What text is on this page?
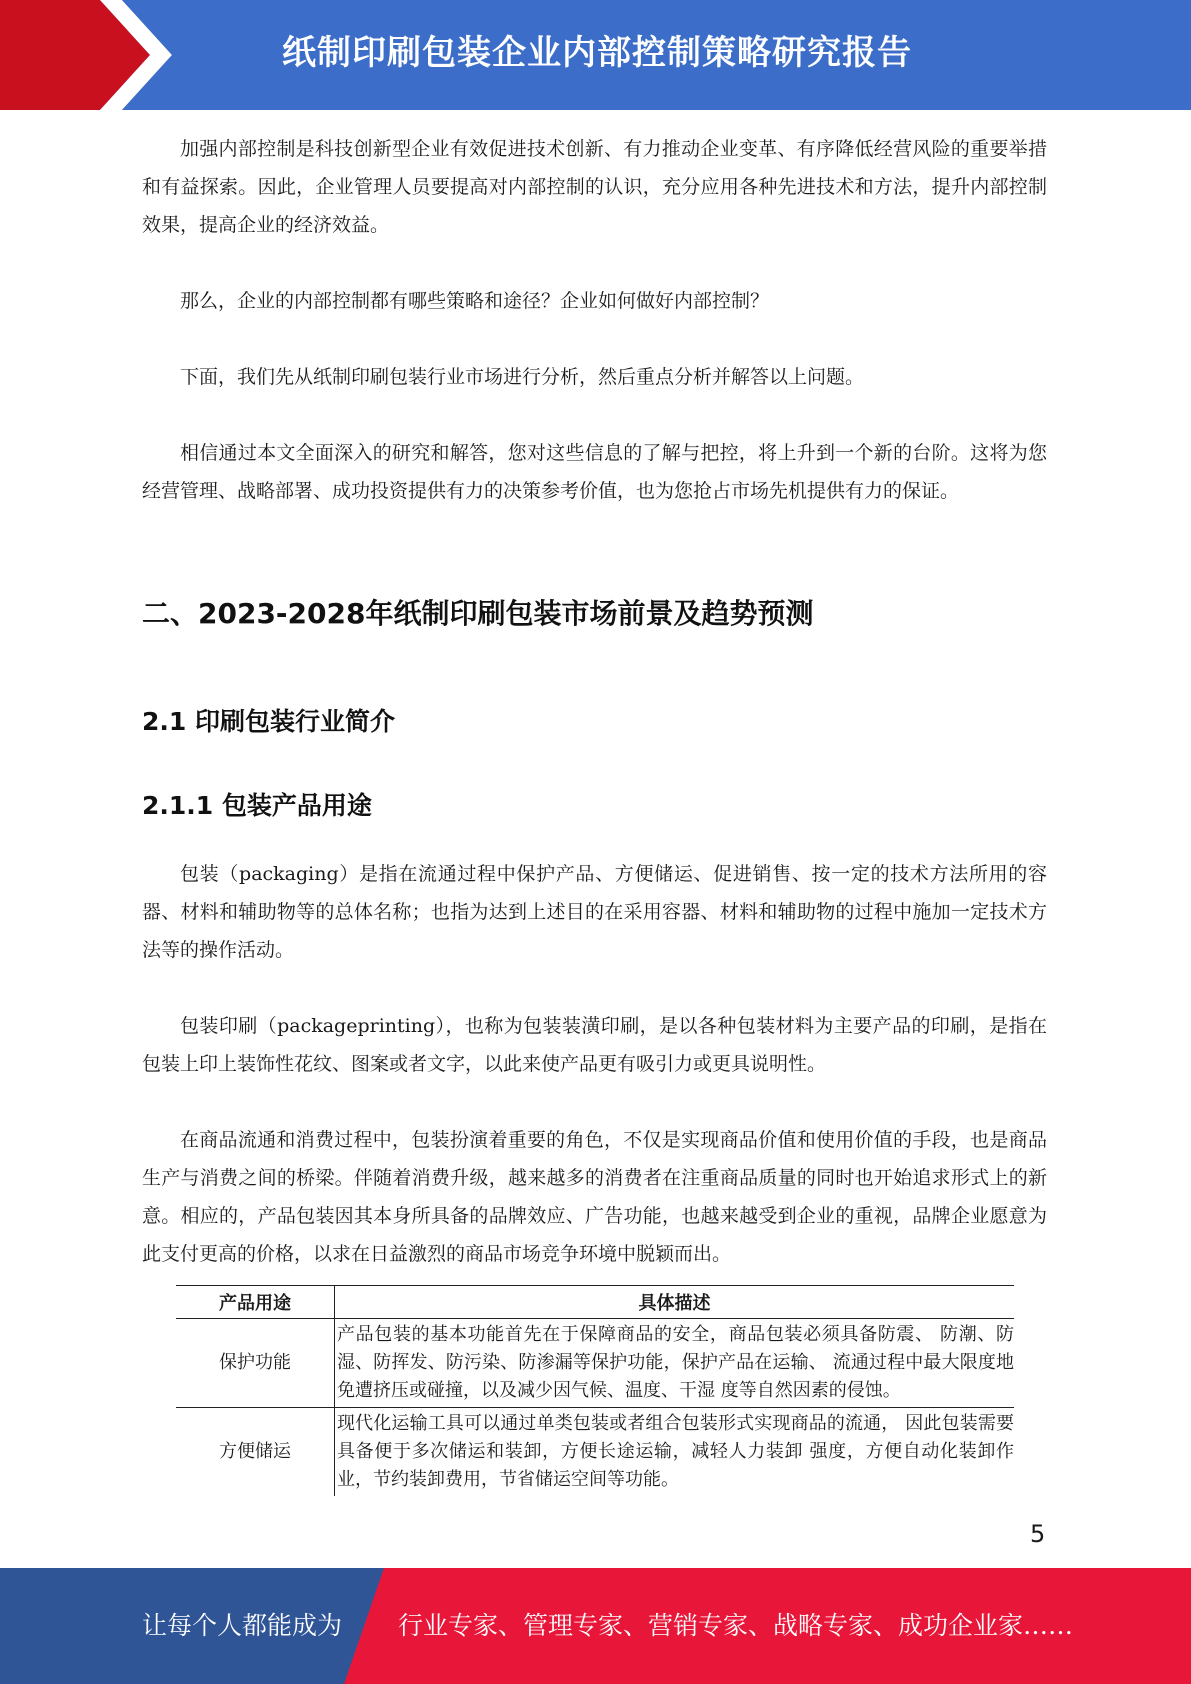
纸制印刷包装企业内部控制策略研究报告

加强内部控制是科技创新型企业有效促进技术创新、有力推动企业变革、有序降低经营风险的重要举措和有益探索。因此，企业管理人员要提高对内部控制的认识，充分应用各种先进技术和方法，提升内部控制效果，提高企业的经济效益。

那么，企业的内部控制都有哪些策略和途径？企业如何做好内部控制？

下面，我们先从纸制印刷包装行业市场进行分析，然后重点分析并解答以上问题。

相信通过本文全面深入的研究和解答，您对这些信息的了解与把控，将上升到一个新的台阶。这将为您经营管理、战略部署、成功投资提供有力的决策参考价值，也为您抢占市场先机提供有力的保证。

二、2023-2028年纸制印刷包装市场前景及趋势预测
2.1 印刷包装行业简介
2.1.1 包装产品用途

包装（packaging）是指在流通过程中保护产品、方便储运、促进销售、按一定的技术方法所用的容器、材料和辅助物等的总体名称；也指为达到上述目的在采用容器、材料和辅助物的过程中施加一定技术方法等的操作活动。

包装印刷（packageprinting），也称为包装装潢印刷，是以各种包装材料为主要产品的印刷，是指在包装上印上装饰性花纹、图案或者文字，以此来使产品更有吸引力或更具说明性。

在商品流通和消费过程中，包装扮演着重要的角色，不仅是实现商品价值和使用价值的手段，也是商品生产与消费之间的桥梁。伴随着消费升级，越来越多的消费者在注重商品质量的同时也开始追求形式上的新意。相应的，产品包装因其本身所具备的品牌效应、广告功能，也越来越受到企业的重视，品牌企业愿意为此支付更高的价格，以求在日益激烈的商品市场竞争环境中脱颖而出。

产品用途	具体描述
保护功能	产品包装的基本功能首先在于保障商品的安全，商品包装必须具备防震、 防潮、防湿、防挥发、防污染、防渗漏等保护功能，保护产品在运输、 流通过程中最大限度地免遭挤压或碰撞，以及减少因气候、温度、干湿 度等自然因素的侵蚀。
方便储运	现代化运输工具可以通过单类包装或者组合包装形式实现商品的流通， 因此包装需要具备便于多次储运和装卸，方便长途运输，减轻人力装卸 强度，方便自动化装卸作业，节约装卸费用，节省储运空间等功能。
5
让每个人都能成为 行业专家、管理专家、营销专家、战略专家、成功企业家……
